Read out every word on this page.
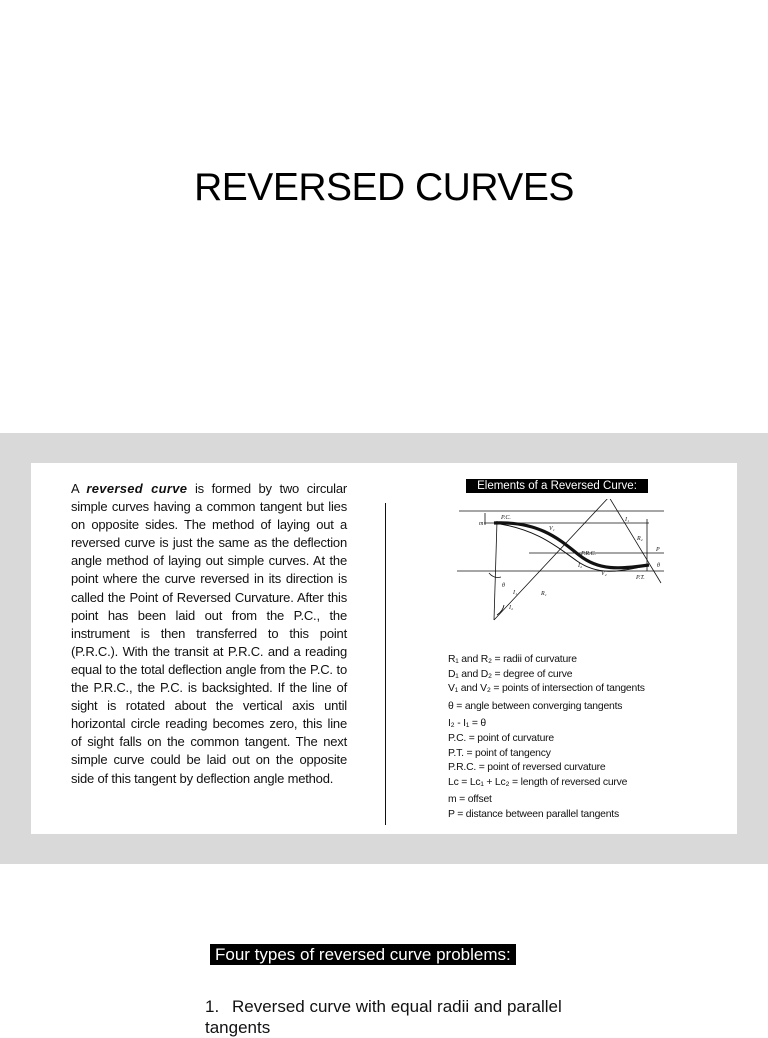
REVERSED CURVES

A reversed curve is formed by two circular simple curves having a common tangent but lies on opposite sides. The method of laying out a reversed curve is just the same as the deflection angle method of laying out simple curves. At the point where the curve reversed in its direction is called the Point of Reversed Curvature. After this point has been laid out from the P.C., the instrument is then transferred to this point (P.R.C.). With the transit at P.R.C. and a reading equal to the total deflection angle from the P.C. to the P.R.C., the P.C. is backsighted. If the line of sight is rotated about the vertical axis until horizontal circle reading becomes zero, this line of sight falls on the common tangent. The next simple curve could be laid out on the opposite side of this tangent by deflection angle method.

Elements of a Reversed Curve:
P.C.
P.R.C.
P.T.
m
P
V₁
V₂
R₁
R₂
I₁
I₂
I₁
I₂
θ
θ
R₁ and R₂ = radii of curvature
D₁ and D₂ = degree of curve
V₁ and V₂ = points of intersection of tangents
θ = angle between converging tangents
I₂ - I₁ = θ
P.C. = point of curvature
P.T. = point of tangency
P.R.C. = point of reversed curvature
Lc = Lc₁ + Lc₂ = length of reversed curve
m = offset
P = distance between parallel tangents
Four types of reversed curve problems:
1. Reversed curve with equal radii and parallel tangents
